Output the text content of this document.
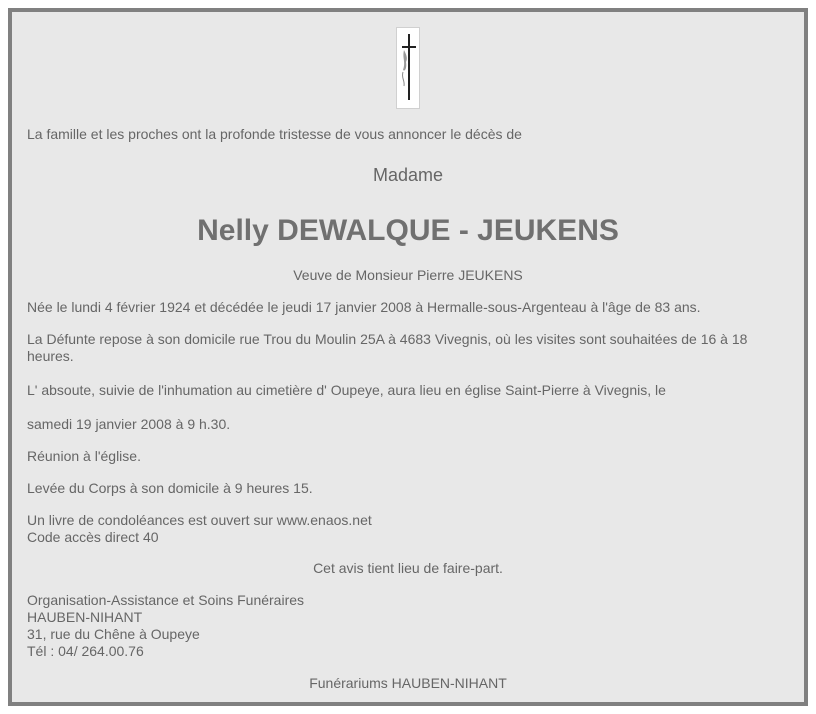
La famille et les proches ont la profonde tristesse de vous annoncer le décès de
Madame
Nelly DEWALQUE - JEUKENS
Veuve de Monsieur Pierre JEUKENS
Née le lundi 4 février 1924 et décédée le jeudi 17 janvier 2008 à Hermalle-sous-Argenteau à l'âge de 83 ans.
La Défunte repose à son domicile rue Trou du Moulin 25A à 4683 Vivegnis, où les visites sont souhaitées de 16 à 18 heures.
L' absoute, suivie de l'inhumation au cimetière d' Oupeye, aura lieu en église Saint-Pierre à Vivegnis, le
samedi 19 janvier 2008 à 9 h.30.
Réunion à l'église.
Levée du Corps à son domicile à 9 heures 15.
Un livre de condoléances est ouvert sur www.enaos.net
Code accès direct 40
Cet avis tient lieu de faire-part.
Organisation-Assistance et Soins Funéraires
HAUBEN-NIHANT
31, rue du Chêne à Oupeye
Tél : 04/ 264.00.76
Funérariums HAUBEN-NIHANT
